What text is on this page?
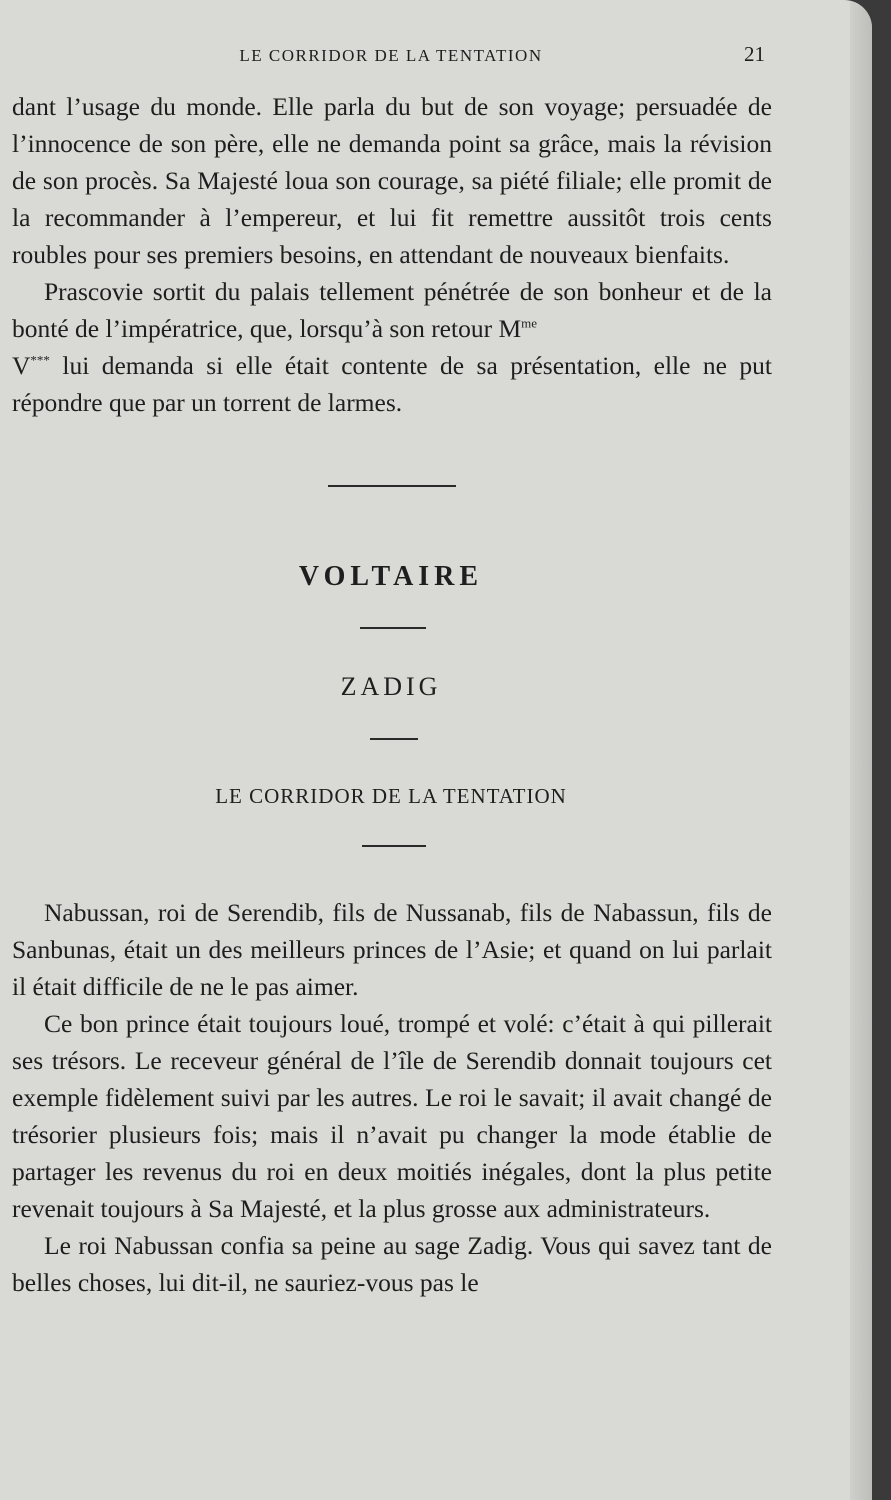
LE CORRIDOR DE LA TENTATION	21

dant l’usage du monde. Elle parla du but de son voyage; persuadée de l’innocence de son père, elle ne demanda point sa grâce, mais la révision de son procès. Sa Majesté loua son courage, sa piété filiale; elle promit de la recommander à l’empereur, et lui fit remettre aussitôt trois cents roubles pour ses premiers besoins, en attendant de nouveaux bienfaits.

Prascovie sortit du palais tellement pénétrée de son bonheur et de la bonté de l’impératrice, que, lorsqu’à son retour $M^{me}$
V*** lui demanda si elle était contente de sa présentation, elle ne put répondre que par un torrent de larmes.

VOLTAIRE
ZADIG
LE CORRIDOR DE LA TENTATION

Nabussan, roi de Serendib, fils de Nussanab, fils de Nabassun, fils de Sanbunas, était un des meilleurs princes de l’Asie; et quand on lui parlait il était difficile de ne le pas aimer.

Ce bon prince était toujours loué, trompé et volé: c’était à qui pillerait ses trésors. Le receveur général de l’île de Serendib donnait toujours cet exemple fidèlement suivi par les autres. Le roi le savait; il avait changé de trésorier plusieurs fois; mais il n’avait pu changer la mode établie de partager les revenus du roi en deux moitiés inégales, dont la plus petite revenait toujours à Sa Majesté, et la plus grosse aux administrateurs.

Le roi Nabussan confia sa peine au sage Zadig. Vous qui savez tant de belles choses, lui dit-il, ne sauriez-vous pas le
